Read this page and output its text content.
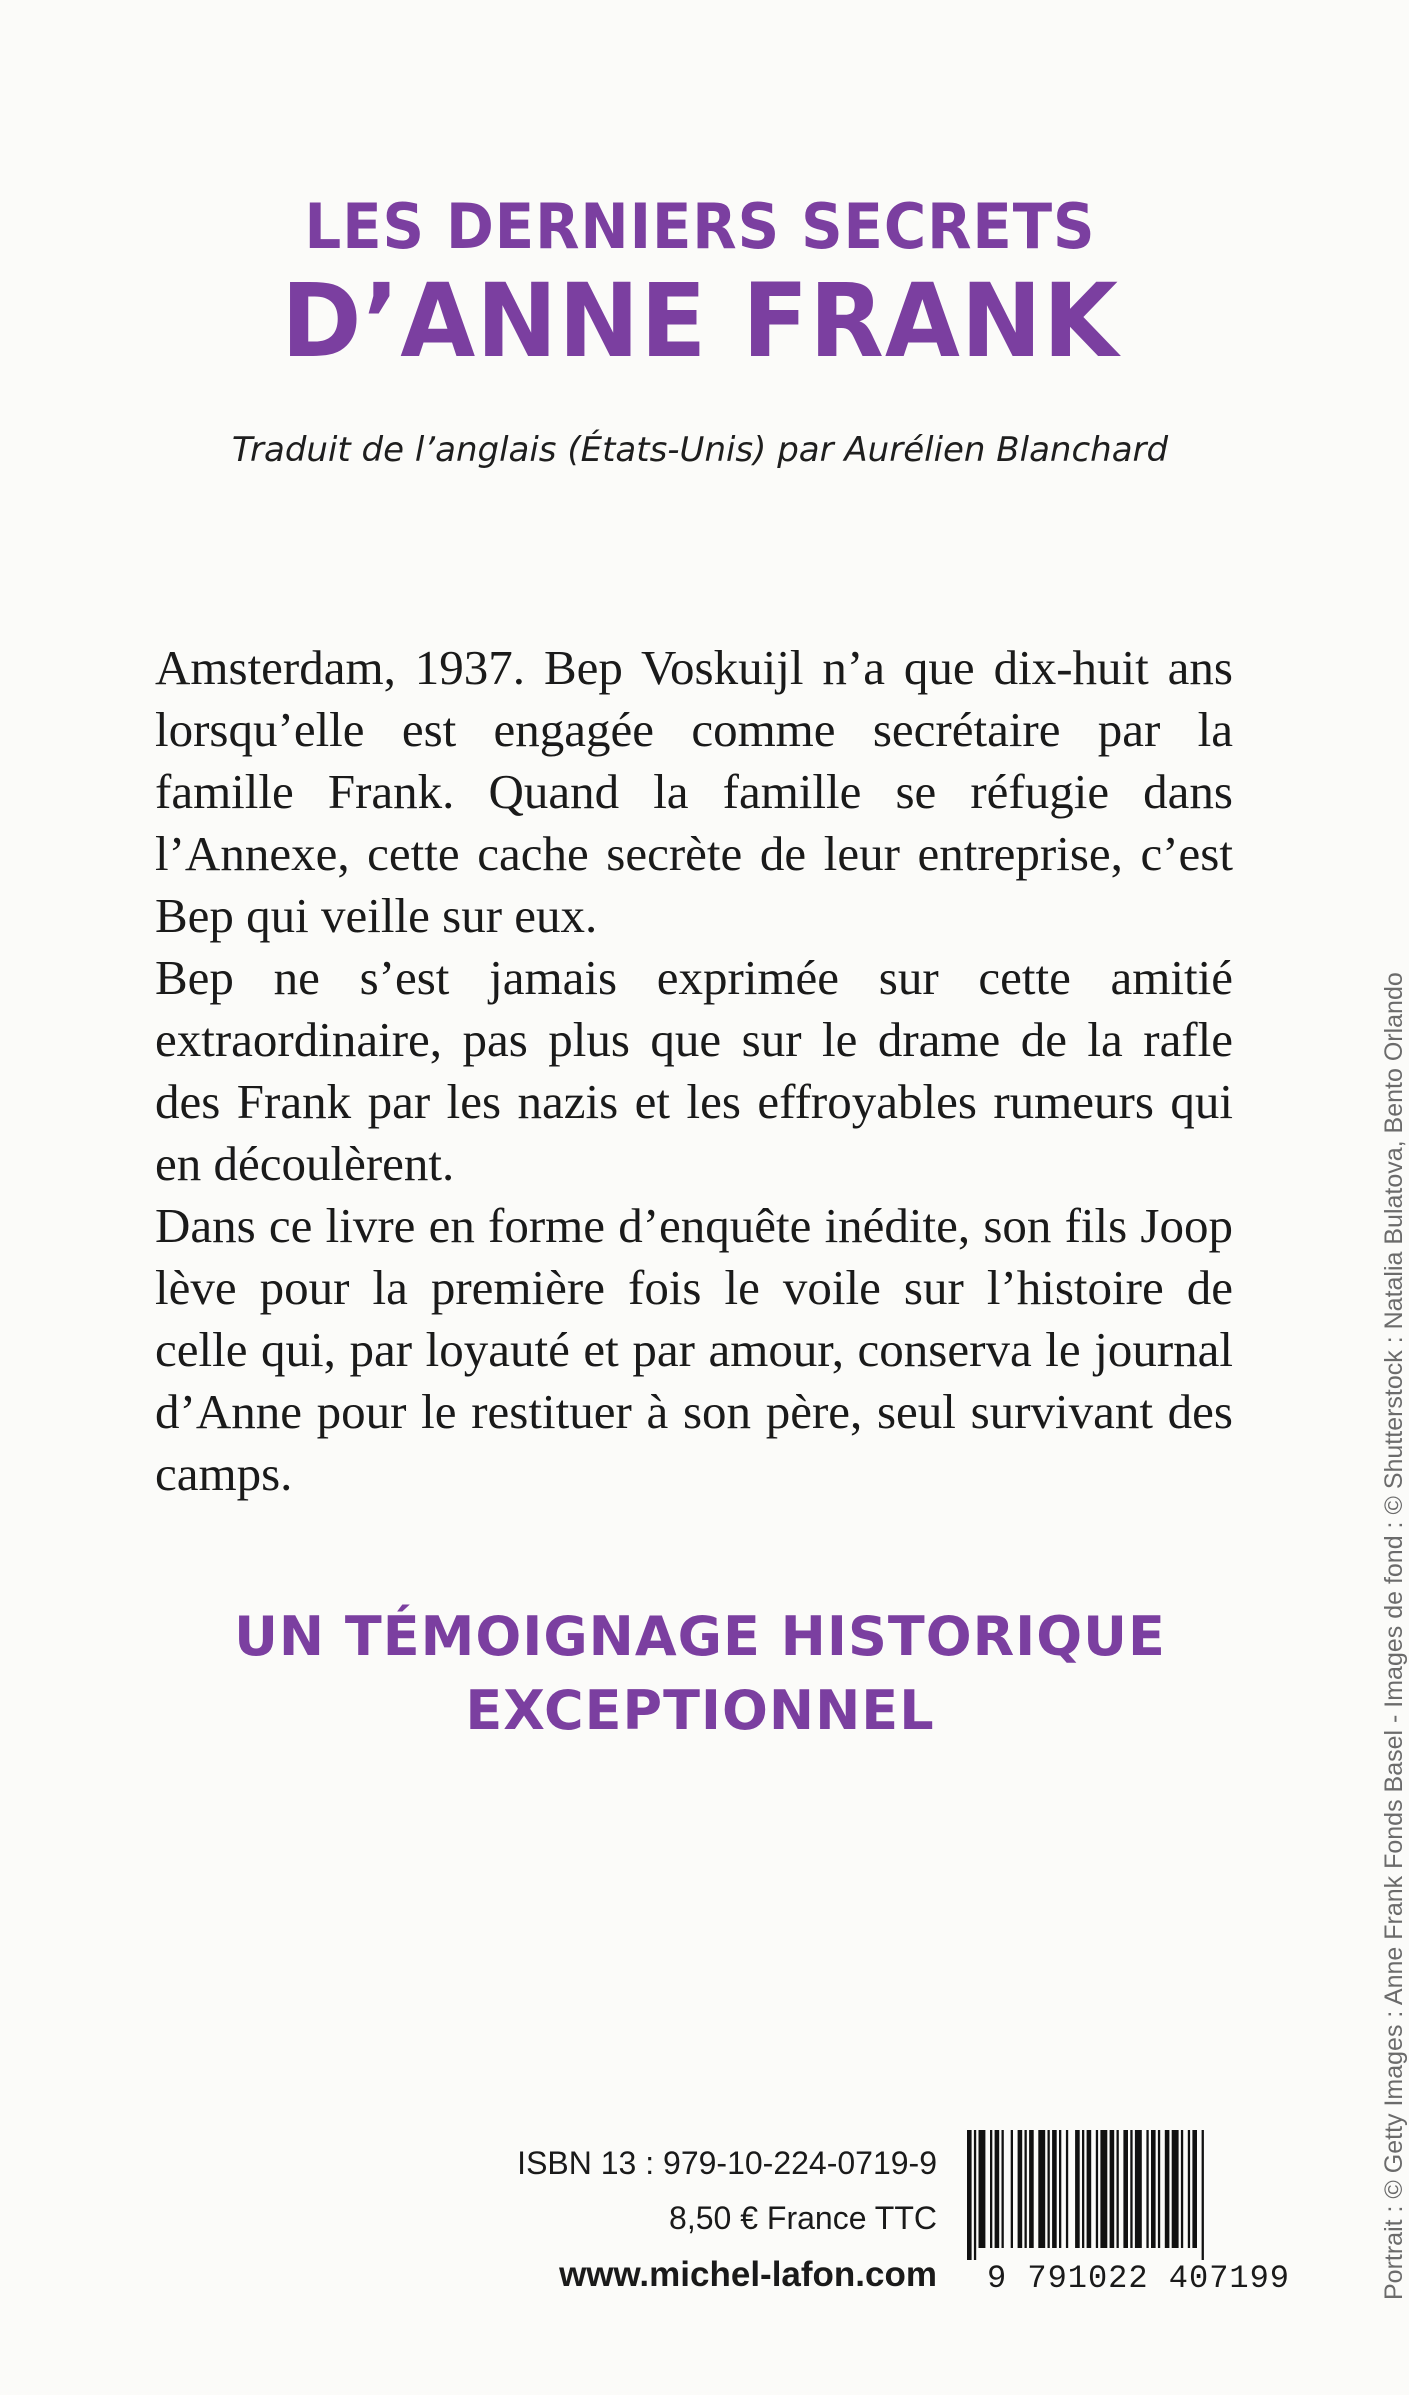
LES DERNIERS SECRETS
D’ANNE FRANK
Traduit de l’anglais (États-Unis) par Aurélien Blanchard

Amsterdam, 1937. Bep Voskuijl n’a que dix-huit ans lorsqu’elle est engagée comme secrétaire par la famille Frank. Quand la famille se réfugie dans l’Annexe, cette cache secrète de leur entreprise, c’est Bep qui veille sur eux.

Bep ne s’est jamais exprimée sur cette amitié extraordinaire, pas plus que sur le drame de la rafle des Frank par les nazis et les effroyables rumeurs qui en découlèrent.

Dans ce livre en forme d’enquête inédite, son fils Joop lève pour la première fois le voile sur l’histoire de celle qui, par loyauté et par amour, conserva le journal d’Anne pour le restituer à son père, seul survivant des camps.

UN TÉMOIGNAGE HISTORIQUE
EXCEPTIONNEL	Portrait : © Getty Images : Anne Frank Fonds Basel - Images de fond : © Shutterstock : Natalia Bulatova, Bento Orlando
ISBN 13 : 979-10-224-0719-9
8,50 € France TTC
www.michel-lafon.com	9 791022 407199
